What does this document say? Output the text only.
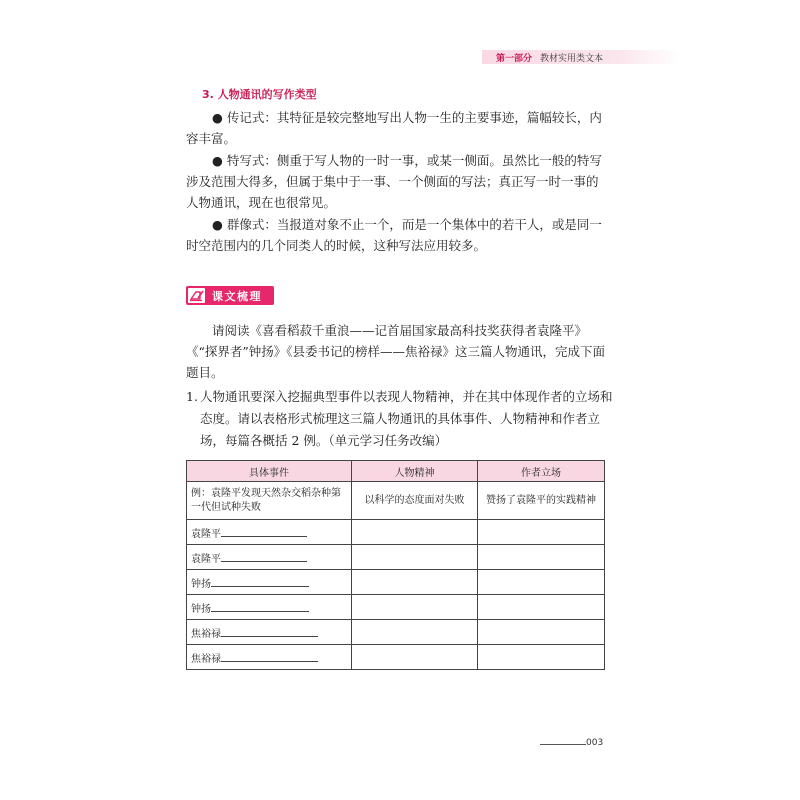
第一部分 教材实用类文本
3. 人物通讯的写作类型
● 传记式：其特征是较完整地写出人物一生的主要事迹，篇幅较长，内容丰富。
● 特写式：侧重于写人物的一时一事，或某一侧面。虽然比一般的特写涉及范围大得多，但属于集中于一事、一个侧面的写法；真正写一时一事的人物通讯，现在也很常见。
● 群像式：当报道对象不止一个，而是一个集体中的若干人，或是同一时空范围内的几个同类人的时候，这种写法应用较多。
课文梳理
请阅读《喜看稻菽千重浪——记首届国家最高科技奖获得者袁隆平》《“探界者”钟扬》《县委书记的榜样——焦裕禄》这三篇人物通讯，完成下面题目。
1. 人物通讯要深入挖掘典型事件以表现人物精神，并在其中体现作者的立场和态度。请以表格形式梳理这三篇人物通讯的具体事件、人物精神和作者立场，每篇各概括 2 例。（单元学习任务改编）
具体事件	人物精神	作者立场
例：袁隆平发现天然杂交稻杂种第一代但试种失败	以科学的态度面对失败	赞扬了袁隆平的实践精神
袁隆平		
袁隆平		
钟扬		
钟扬		
焦裕禄		
焦裕禄		
003
